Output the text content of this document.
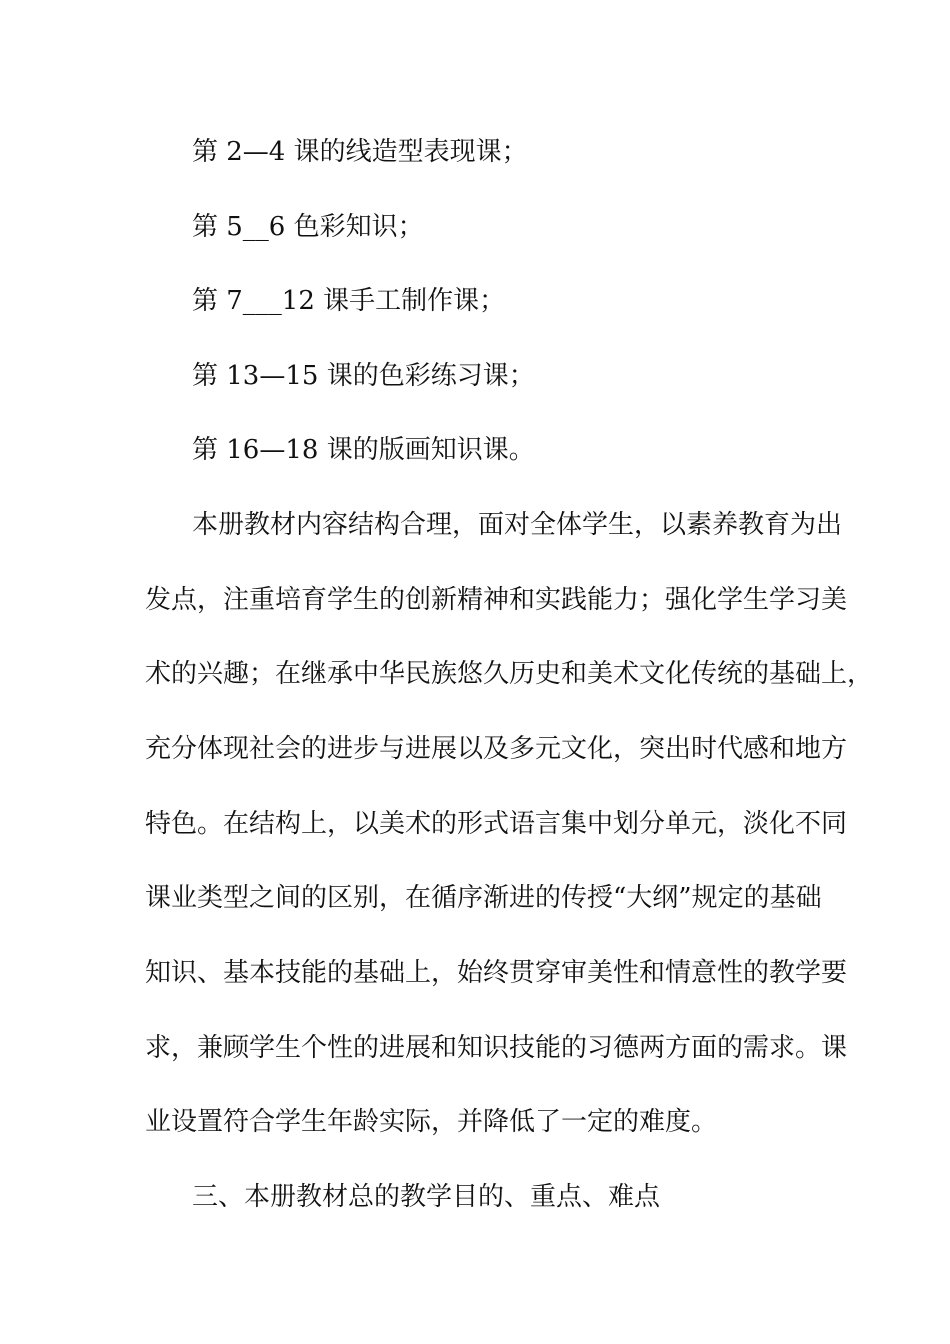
第 2—4 课的线造型表现课；
第 5__6 色彩知识；
第 7___12 课手工制作课；
第 13—15 课的色彩练习课；
第 16—18 课的版画知识课。
本册教材内容结构合理，面对全体学生，以素养教育为出
发点，注重培育学生的创新精神和实践能力；强化学生学习美
术的兴趣；在继承中华民族悠久历史和美术文化传统的基础上，
充分体现社会的进步与进展以及多元文化，突出时代感和地方
特色。在结构上，以美术的形式语言集中划分单元，淡化不同
课业类型之间的区别，在循序渐进的传授“大纲”规定的基础
知识、基本技能的基础上，始终贯穿审美性和情意性的教学要
求，兼顾学生个性的进展和知识技能的习德两方面的需求。课
业设置符合学生年龄实际，并降低了一定的难度。
三、本册教材总的教学目的、重点、难点
